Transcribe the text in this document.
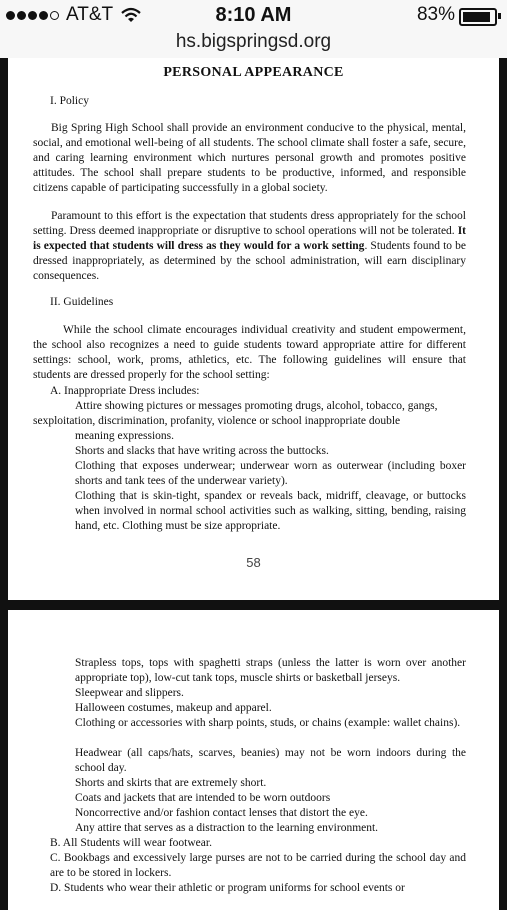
AT&T	8:10 AM	83%
hs.bigspringsd.org
PERSONAL APPEARANCE
I. Policy
Big Spring High School shall provide an environment conducive to the physical, mental, social, and emotional well-being of all students. The school climate shall foster a safe, secure, and caring learning environment which nurtures personal growth and promotes positive attitudes. The school shall prepare students to be productive, informed, and responsible citizens capable of participating successfully in a global society.
Paramount to this effort is the expectation that students dress appropriately for the school setting. Dress deemed inappropriate or disruptive to school operations will not be tolerated. It is expected that students will dress as they would for a work setting. Students found to be dressed inappropriately, as determined by the school administration, will earn disciplinary consequences.
II. Guidelines
While the school climate encourages individual creativity and student empowerment, the school also recognizes a need to guide students toward appropriate attire for different settings: school, work, proms, athletics, etc. The following guidelines will ensure that students are dressed properly for the school setting:
A. Inappropriate Dress includes:
Attire showing pictures or messages promoting drugs, alcohol, tobacco, gangs,
sexploitation, discrimination, profanity, violence or school inappropriate double
meaning expressions.
Shorts and slacks that have writing across the buttocks.
Clothing that exposes underwear; underwear worn as outerwear (including boxer shorts and tank tees of the underwear variety).
Clothing that is skin-tight, spandex or reveals back, midriff, cleavage, or buttocks when involved in normal school activities such as walking, sitting, bending, raising hand, etc. Clothing must be size appropriate.
58
Strapless tops, tops with spaghetti straps (unless the latter is worn over another appropriate top), low-cut tank tops, muscle shirts or basketball jerseys.
Sleepwear and slippers.
Halloween costumes, makeup and apparel.
Clothing or accessories with sharp points, studs, or chains (example: wallet chains).
Headwear (all caps/hats, scarves, beanies) may not be worn indoors during the school day.
Shorts and skirts that are extremely short.
Coats and jackets that are intended to be worn outdoors
Noncorrective and/or fashion contact lenses that distort the eye.
Any attire that serves as a distraction to the learning environment.
B. All Students will wear footwear.
C. Bookbags and excessively large purses are not to be carried during the school day and are to be stored in lockers.
D. Students who wear their athletic or program uniforms for school events or
